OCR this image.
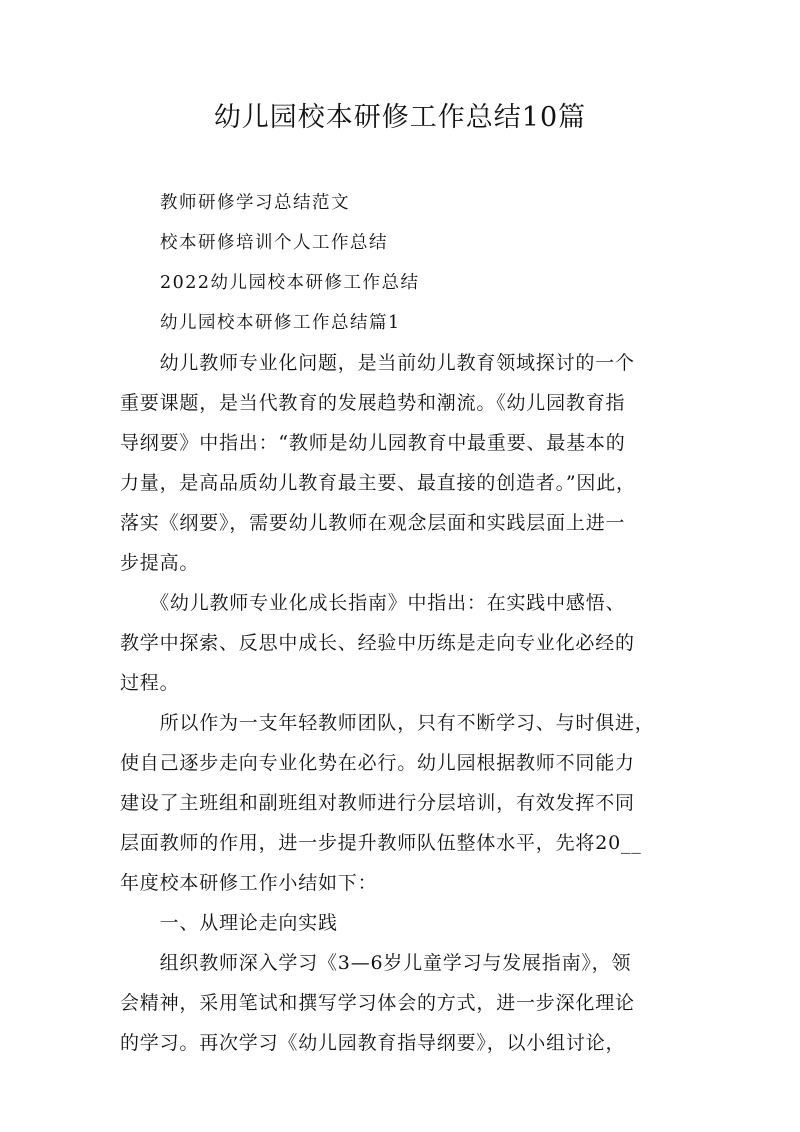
幼儿园校本研修工作总结10篇

教师研修学习总结范文

校本研修培训个人工作总结

2022幼儿园校本研修工作总结

幼儿园校本研修工作总结篇1

　　幼儿教师专业化问题，是当前幼儿教育领域探讨的一个

重要课题，是当代教育的发展趋势和潮流。《幼儿园教育指

导纲要》中指出：“教师是幼儿园教育中最重要、最基本的

力量，是高品质幼儿教育最主要、最直接的创造者。”因此，

落实《纲要》，需要幼儿教师在观念层面和实践层面上进一

步提高。

　　《幼儿教师专业化成长指南》中指出：在实践中感悟、

教学中探索、反思中成长、经验中历练是走向专业化必经的

过程。

　　所以作为一支年轻教师团队，只有不断学习、与时俱进，

使自己逐步走向专业化势在必行。幼儿园根据教师不同能力

建设了主班组和副班组对教师进行分层培训，有效发挥不同

层面教师的作用，进一步提升教师队伍整体水平，先将20__

年度校本研修工作小结如下：

　　一、从理论走向实践

　　组织教师深入学习《3—6岁儿童学习与发展指南》，领

会精神，采用笔试和撰写学习体会的方式，进一步深化理论

的学习。再次学习《幼儿园教育指导纲要》，以小组讨论，
